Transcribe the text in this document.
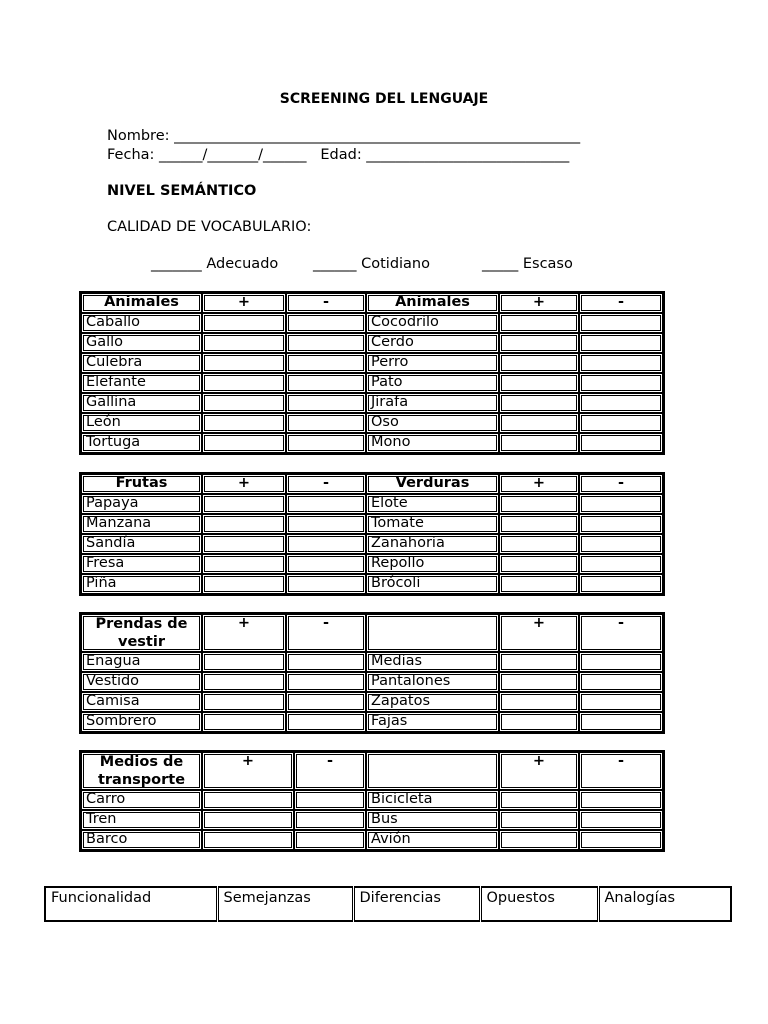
SCREENING DEL LENGUAJE
Nombre: ________________________________________________________
Fecha: ______/_______/______   Edad: ____________________________
NIVEL SEMÁNTICO
CALIDAD DE VOCABULARIO:
_______ Adecuado ______ Cotidiano	_____ Escaso
Animales	+	-	Animales	+	-
Caballo			Cocodrilo		
Gallo			Cerdo		
Culebra			Perro		
Elefante			Pato		
Gallina			Jirafa		
León			Oso		
Tortuga			Mono		
Frutas	+	-	Verduras	+	-
Papaya			Elote		
Manzana			Tomate		
Sandía			Zanahoria		
Fresa			Repollo		
Piña			Brócoli		
Prendas de vestir	+	-		+	-
Enagua			Medias		
Vestido			Pantalones		
Camisa			Zapatos		
Sombrero			Fajas		
Medios de transporte	+	-		+	-
Carro			Bicicleta		
Tren			Bus		
Barco			Avión		
Funcionalidad	Semejanzas	Diferencias	Opuestos	Analogías
